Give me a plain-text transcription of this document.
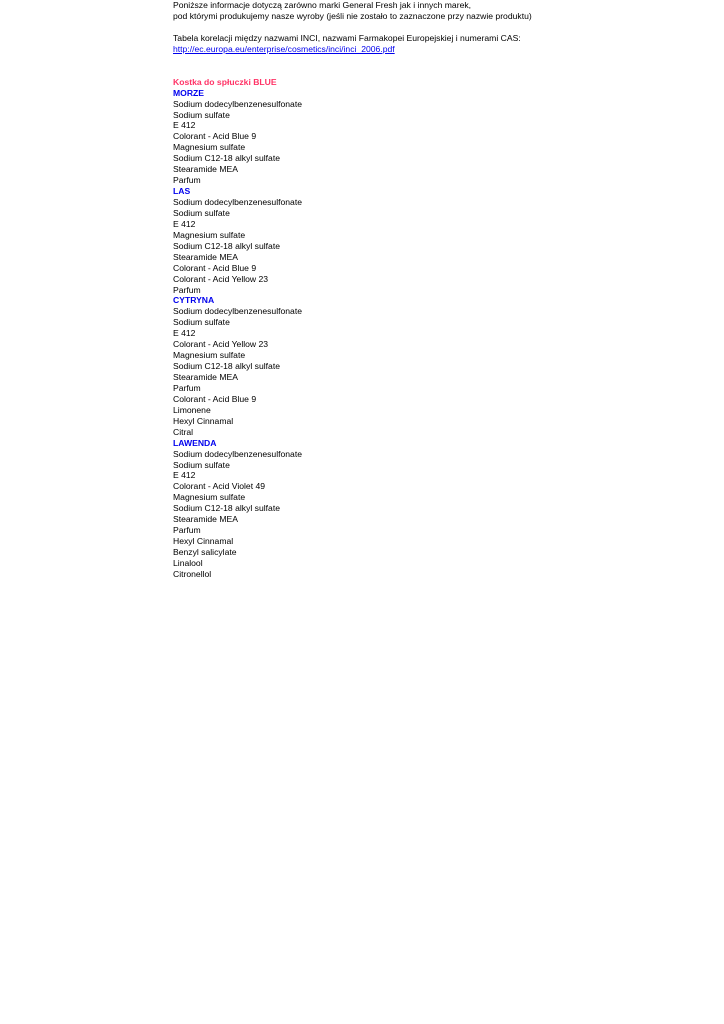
Poniższe informacje dotyczą zarówno marki General Fresh jak i innych marek,
pod którymi produkujemy nasze wyroby (jeśli nie zostało to zaznaczone przy nazwie produktu)
Tabela korelacji między nazwami INCI, nazwami Farmakopei Europejskiej i numerami CAS:
http://ec.europa.eu/enterprise/cosmetics/inci/inci_2006.pdf
Kostka do spłuczki BLUE
MORZE
Sodium dodecylbenzenesulfonate
Sodium sulfate
E 412
Colorant - Acid Blue 9
Magnesium sulfate
Sodium C12-18 alkyl sulfate
Stearamide MEA
Parfum
LAS
Sodium dodecylbenzenesulfonate
Sodium sulfate
E 412
Magnesium sulfate
Sodium C12-18 alkyl sulfate
Stearamide MEA
Colorant - Acid Blue 9
Colorant - Acid Yellow 23
Parfum
CYTRYNA
Sodium dodecylbenzenesulfonate
Sodium sulfate
E 412
Colorant - Acid Yellow 23
Magnesium sulfate
Sodium C12-18 alkyl sulfate
Stearamide MEA
Parfum
Colorant - Acid Blue 9
Limonene
Hexyl Cinnamal
Citral
LAWENDA
Sodium dodecylbenzenesulfonate
Sodium sulfate
E 412
Colorant - Acid Violet 49
Magnesium sulfate
Sodium C12-18 alkyl sulfate
Stearamide MEA
Parfum
Hexyl Cinnamal
Benzyl salicylate
Linalool
Citronellol
